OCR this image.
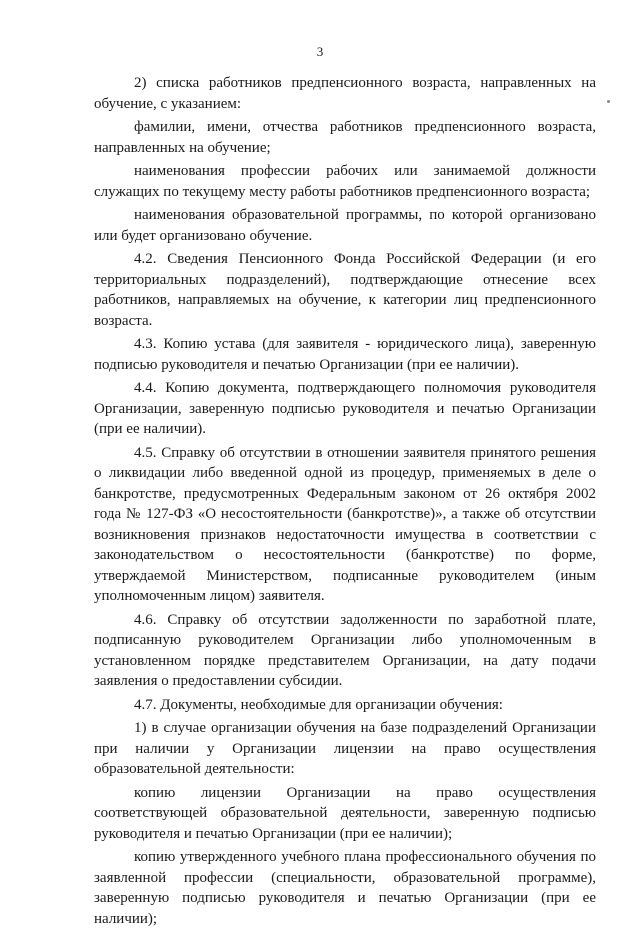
3

2) списка работников предпенсионного возраста, направленных на обучение, с указанием:

фамилии, имени, отчества работников предпенсионного возраста, направленных на обучение;

наименования профессии рабочих или занимаемой должности служащих по текущему месту работы работников предпенсионного возраста;

наименования образовательной программы, по которой организовано или будет организовано обучение.

4.2. Сведения Пенсионного Фонда Российской Федерации (и его территориальных подразделений), подтверждающие отнесение всех работников, направляемых на обучение, к категории лиц предпенсионного возраста.

4.3. Копию устава (для заявителя - юридического лица), заверенную подписью руководителя и печатью Организации (при ее наличии).

4.4. Копию документа, подтверждающего полномочия руководителя Организации, заверенную подписью руководителя и печатью Организации (при ее наличии).

4.5. Справку об отсутствии в отношении заявителя принятого решения о ликвидации либо введенной одной из процедур, применяемых в деле о банкротстве, предусмотренных Федеральным законом от 26 октября 2002 года № 127-ФЗ «О несостоятельности (банкротстве)», а также об отсутствии возникновения признаков недостаточности имущества в соответствии с законодательством о несостоятельности (банкротстве) по форме, утверждаемой Министерством, подписанные руководителем (иным уполномоченным лицом) заявителя.

4.6. Справку об отсутствии задолженности по заработной плате, подписанную руководителем Организации либо уполномоченным в установленном порядке представителем Организации, на дату подачи заявления о предоставлении субсидии.

4.7. Документы, необходимые для организации обучения:

1) в случае организации обучения на базе подразделений Организации при наличии у Организации лицензии на право осуществления образовательной деятельности:

копию лицензии Организации на право осуществления соответствующей образовательной деятельности, заверенную подписью руководителя и печатью Организации (при ее наличии);

копию утвержденного учебного плана профессионального обучения по заявленной профессии (специальности, образовательной программе), заверенную подписью руководителя и печатью Организации (при ее наличии);
